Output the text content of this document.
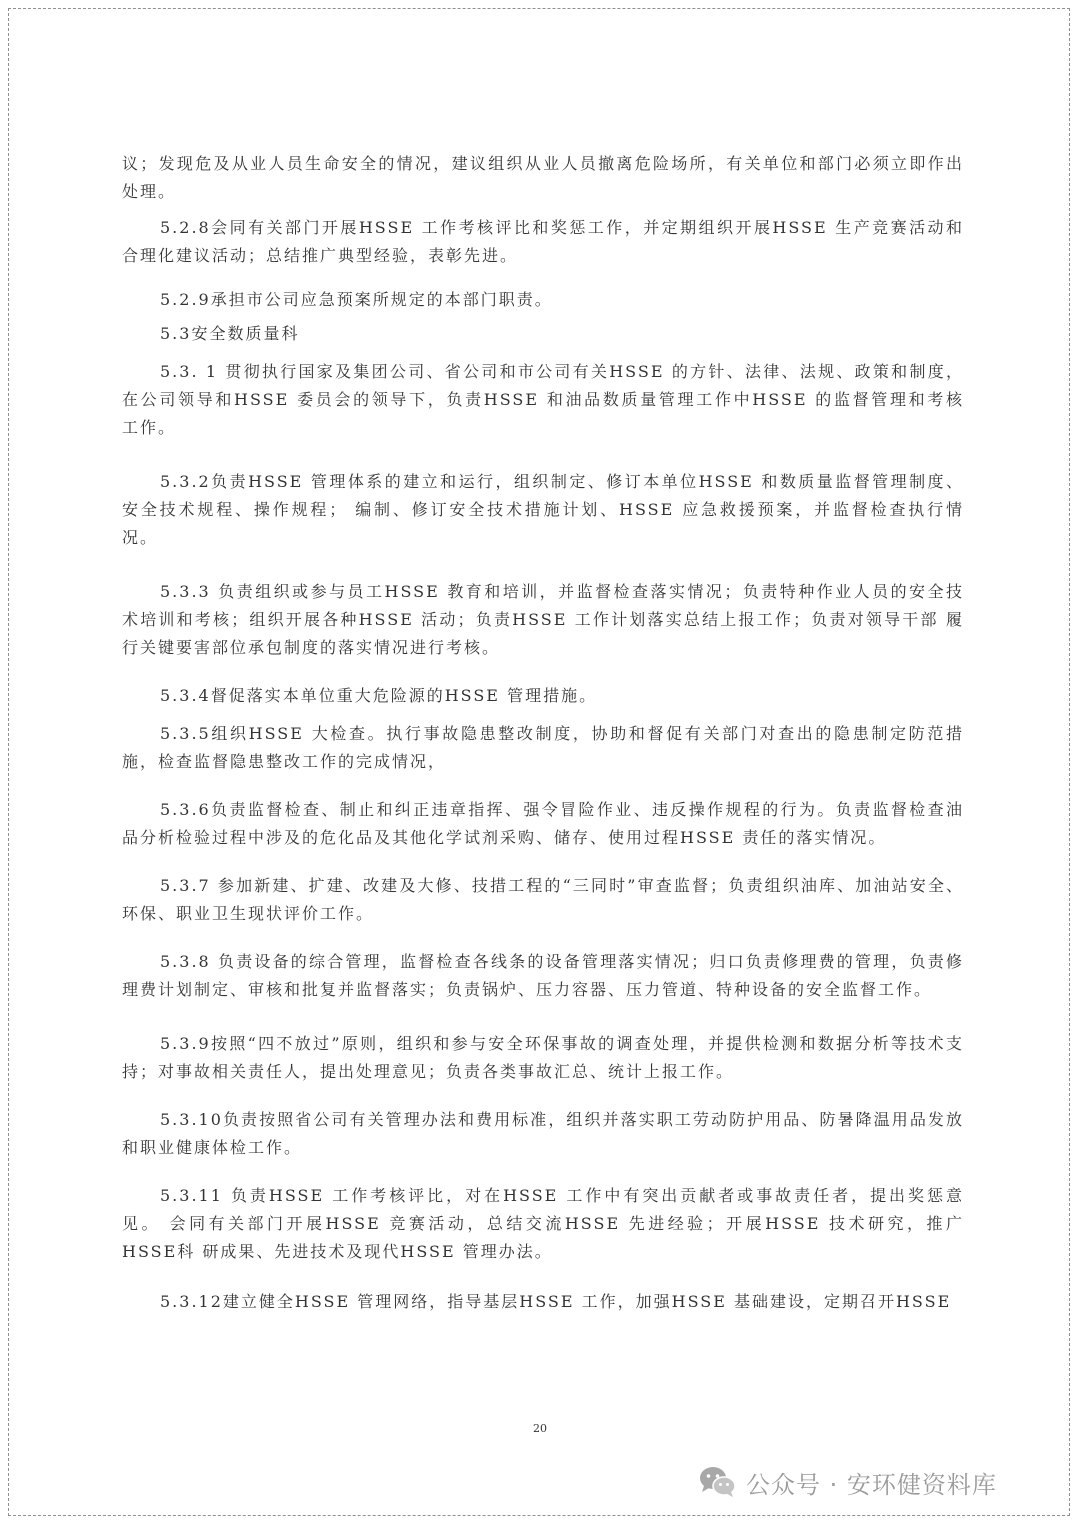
议；发现危及从业人员生命安全的情况，建议组织从业人员撤离危险场所，有关单位和部门必须立即作出处理。

5.2.8会同有关部门开展HSSE 工作考核评比和奖惩工作，并定期组织开展HSSE 生产竞赛活动和合理化建议活动；总结推广典型经验，表彰先进。

5.2.9承担市公司应急预案所规定的本部门职责。

5.3安全数质量科

5.3. 1 贯彻执行国家及集团公司、省公司和市公司有关HSSE 的方针、法律、法规、政策和制度， 在公司领导和HSSE 委员会的领导下，负责HSSE 和油品数质量管理工作中HSSE 的监督管理和考核 工作。

5.3.2负责HSSE 管理体系的建立和运行，组织制定、修订本单位HSSE 和数质量监督管理制度、安全技术规程、操作规程； 编制、修订安全技术措施计划、HSSE 应急救援预案，并监督检查执行情况。

5.3.3 负责组织或参与员工HSSE 教育和培训，并监督检查落实情况；负责特种作业人员的安全技 术培训和考核；组织开展各种HSSE 活动；负责HSSE 工作计划落实总结上报工作；负责对领导干部 履行关键要害部位承包制度的落实情况进行考核。

5.3.4督促落实本单位重大危险源的HSSE 管理措施。

5.3.5组织HSSE 大检查。执行事故隐患整改制度，协助和督促有关部门对查出的隐患制定防范措施，检查监督隐患整改工作的完成情况，

5.3.6负责监督检查、制止和纠正违章指挥、强令冒险作业、违反操作规程的行为。负责监督检查油品分析检验过程中涉及的危化品及其他化学试剂采购、储存、使用过程HSSE 责任的落实情况。

5.3.7 参加新建、扩建、改建及大修、技措工程的“三同时”审查监督；负责组织油库、加油站安全、环保、职业卫生现状评价工作。

5.3.8 负责设备的综合管理，监督检查各线条的设备管理落实情况；归口负责修理费的管理，负责修理费计划制定、审核和批复并监督落实；负责锅炉、压力容器、压力管道、特种设备的安全监督工作。

5.3.9按照“四不放过”原则，组织和参与安全环保事故的调查处理，并提供检测和数据分析等技术支持；对事故相关责任人，提出处理意见；负责各类事故汇总、统计上报工作。

5.3.10负责按照省公司有关管理办法和费用标准，组织并落实职工劳动防护用品、防暑降温用品发放和职业健康体检工作。

5.3.11 负责HSSE 工作考核评比，对在HSSE 工作中有突出贡献者或事故责任者，提出奖惩意见。 会同有关部门开展HSSE 竞赛活动，总结交流HSSE 先进经验；开展HSSE 技术研究，推广HSSE科 研成果、先进技术及现代HSSE 管理办法。

5.3.12建立健全HSSE 管理网络，指导基层HSSE 工作，加强HSSE 基础建设，定期召开HSSE

20
公众号 · 安环健资料库
